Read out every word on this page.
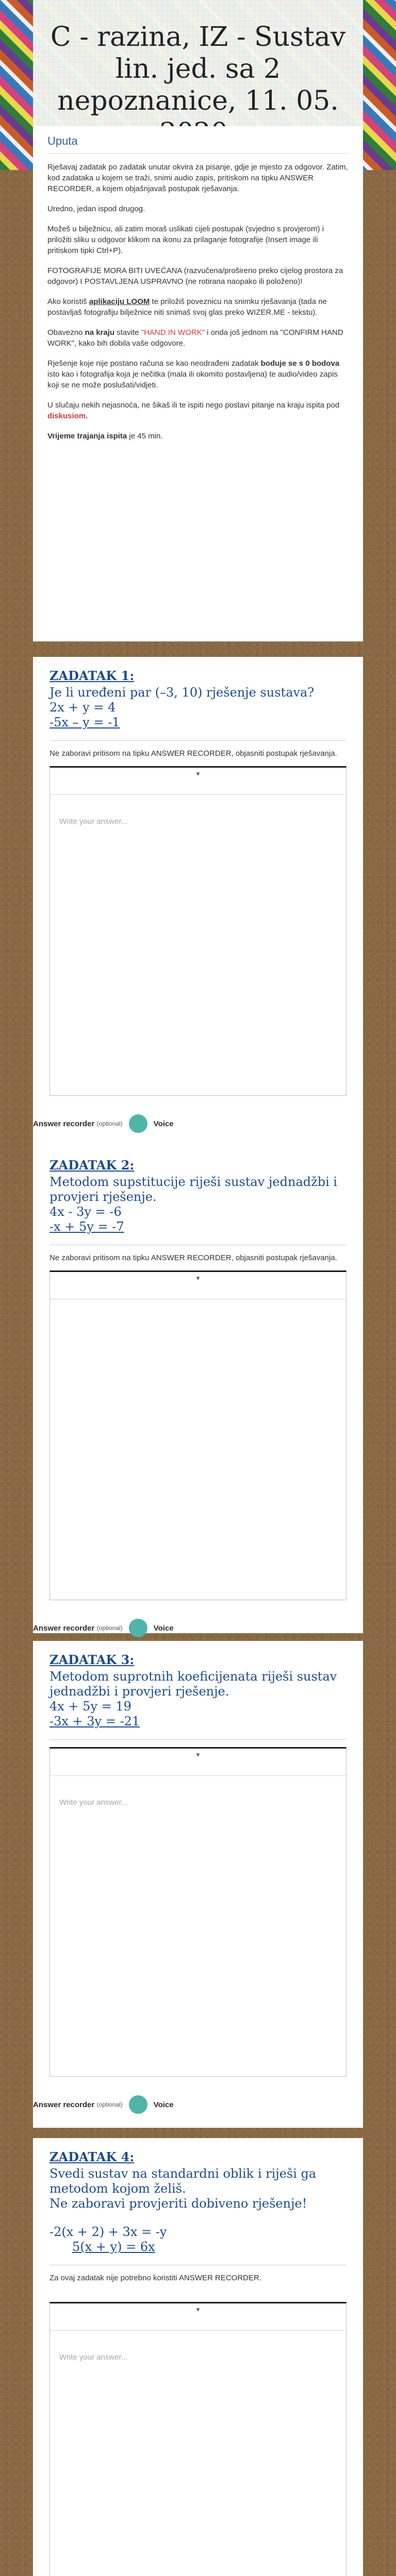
C - razina, IZ - Sustav lin. jed. sa 2 nepoznanice, 11. 05.
Uputa

Rješavaj zadatak po zadatak unutar okvira za pisanje, gdje je mjesto za odgovor. Zatim, kod zadataka u kojem se traži, snimi audio zapis, pritiskom na tipku ANSWER RECORDER, a kojem objašnjavaš postupak rješavanja.

Uredno, jedan ispod drugog.

Možeš u bilježnicu, ali zatim moraš uslikati cijeli postupak (svjedno s provjerom) i priložiti sliku u odgovor klikom na ikonu za prilaganje fotografije (Insert image ili pritiskom tipki Ctrl+P).

FOTOGRAFIJE MORA BITI UVEĆANA (razvučena/prošireno preko cijelog prostora za odgovor) I POSTAVLJENA USPRAVNO (ne rotirana naopako ili položeno)!

Ako koristiš aplikaciju LOOM te priložiš poveznicu na snimku rješavanja (tada ne postavljaš fotografiju bilježnice niti snimaš svoj glas preko WIZER.ME - tekstu).

Obavezno na kraju stavite "HAND IN WORK" i onda još jednom na "CONFIRM HAND WORK", kako bih dobila vaše odgovore.

Rješenje koje nije postano računa se kao neodrađeni zadatak boduje se s 0 bodova isto kao i fotografija koja je nečitka (mala ili okomito postavljena) te audio/video zapis koji se ne može poslušati/vidjeti.

U slučaju nekih nejasnoća, ne šikaš ili te ispiti nego postavi pitanje na kraju ispita pod diskusiom.

Vrijeme trajanja ispita je 45 min.

ZADATAK 1:
Je li uređeni par (–3, 10) rješenje sustava?
2x + y = 4
-5x – y = -1
Ne zaboravi pritisom na tipku ANSWER RECORDER, objasniti postupak rješavanja.
▾
Write your answer...
Answer recorder
(optional)	Voice
ZADATAK 2:
Metodom supstitucije riješi sustav jednadžbi i provjeri rješenje.
4x - 3y = -6
-x + 5y = -7
Ne zaboravi pritisom na tipku ANSWER RECORDER, objasniti postupak rješavanja.
▾
Answer recorder
(optional)	Voice
ZADATAK 3:
Metodom suprotnih koeficijenata riješi sustav jednadžbi i provjeri rješenje.
4x + 5y = 19
-3x + 3y = -21
▾
Write your answer...
Answer recorder
(optional)	Voice
ZADATAK 4:
Svedi sustav na standardni oblik i riješi ga metodom kojom želiš.
Ne zaboravi provjeriti dobiveno rješenje!
-2(x + 2) + 3x = -y
5(x + y) = 6x
Za ovaj zadatak nije potrebno koristiti ANSWER RECORDER.
▾
Write your answer...
